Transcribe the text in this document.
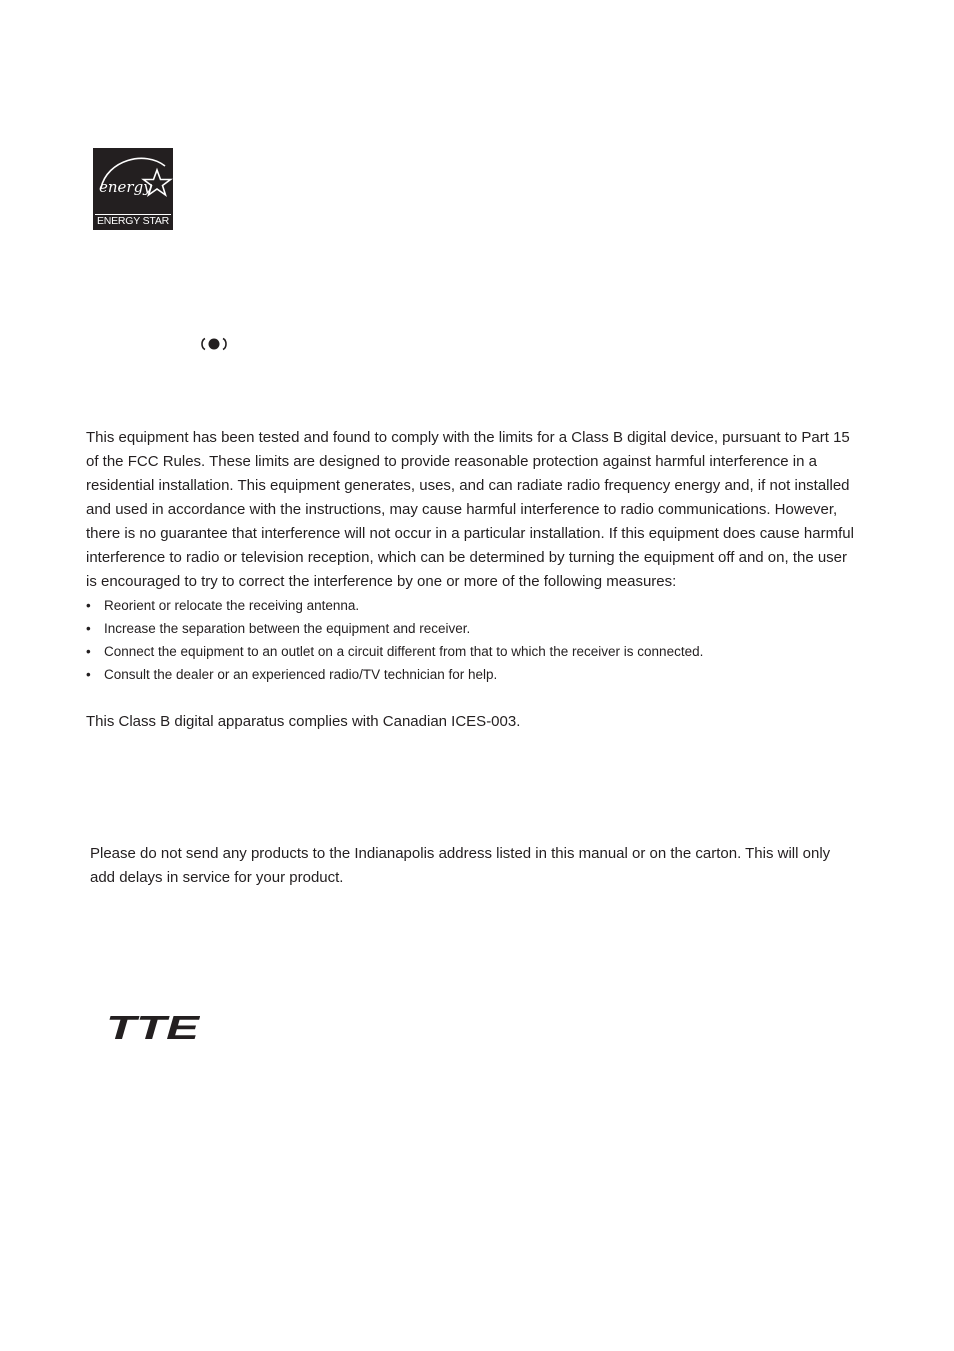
energy
ENERGY STAR
This equipment has been tested and found to comply with the limits for a Class B digital device, pursuant to Part 15
of the FCC Rules. These limits are designed to provide reasonable protection against harmful interference in a
residential installation. This equipment generates, uses, and can radiate radio frequency energy and, if not installed
and used in accordance with the instructions, may cause harmful interference to radio communications. However,
there is no guarantee that interference will not occur in a particular installation. If this equipment does cause harmful
interference to radio or television reception, which can be determined by turning the equipment off and on, the user
is encouraged to try to correct the interference by one or more of the following measures:
• Reorient or relocate the receiving antenna.
• Increase the separation between the equipment and receiver.
• Connect the equipment to an outlet on a circuit different from that to which the receiver is connected.
• Consult the dealer or an experienced radio/TV technician for help.

This Class B digital apparatus complies with Canadian ICES-003.

Please do not send any products to the Indianapolis address listed in this manual or on the carton. This will only
add delays in service for your product.
TTE
